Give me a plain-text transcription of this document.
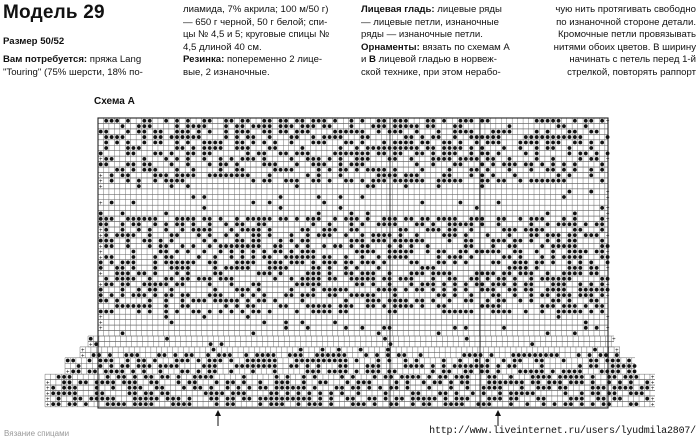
Модель 29
Размер 50/52
Вам потребуется: пряжа Lang
"Touring" (75% шерсти, 18% по-

лиамида, 7% акрила; 100 м/50 г)

— 650 г черной, 50 г белой; спи-

цы № 4,5 и 5; круговые спицы №

4,5 длиной 40 см.

Резинка: попеременно 2 лице-

вые, 2 изнаночные.

Лицевая гладь: лицевые ряды

— лицевые петли, изнаночные

ряды — изнаночные петли.

Орнаменты: вязать по схемам А

и В лицевой гладью в норвеж-

ской технике, при этом нерабо-

чую нить протягивать свободно

по изнаночной стороне детали.

Кромочные петли провязывать

нитями обоих цветов. В ширину

начинать с петель перед 1-й

стрелкой, повторять раппорт

Схема А
+
+	+
+
+
+
+
+
+
+
+
+
+
+	+
+
+	+
+
+
+
+	+
+
+	+
+
+	+
+
+
+	+
+
+
+
+	+
+	+
+
+	+
+	+
Вязание спицами	http://www.liveinternet.ru/users/lyudmila2807/
